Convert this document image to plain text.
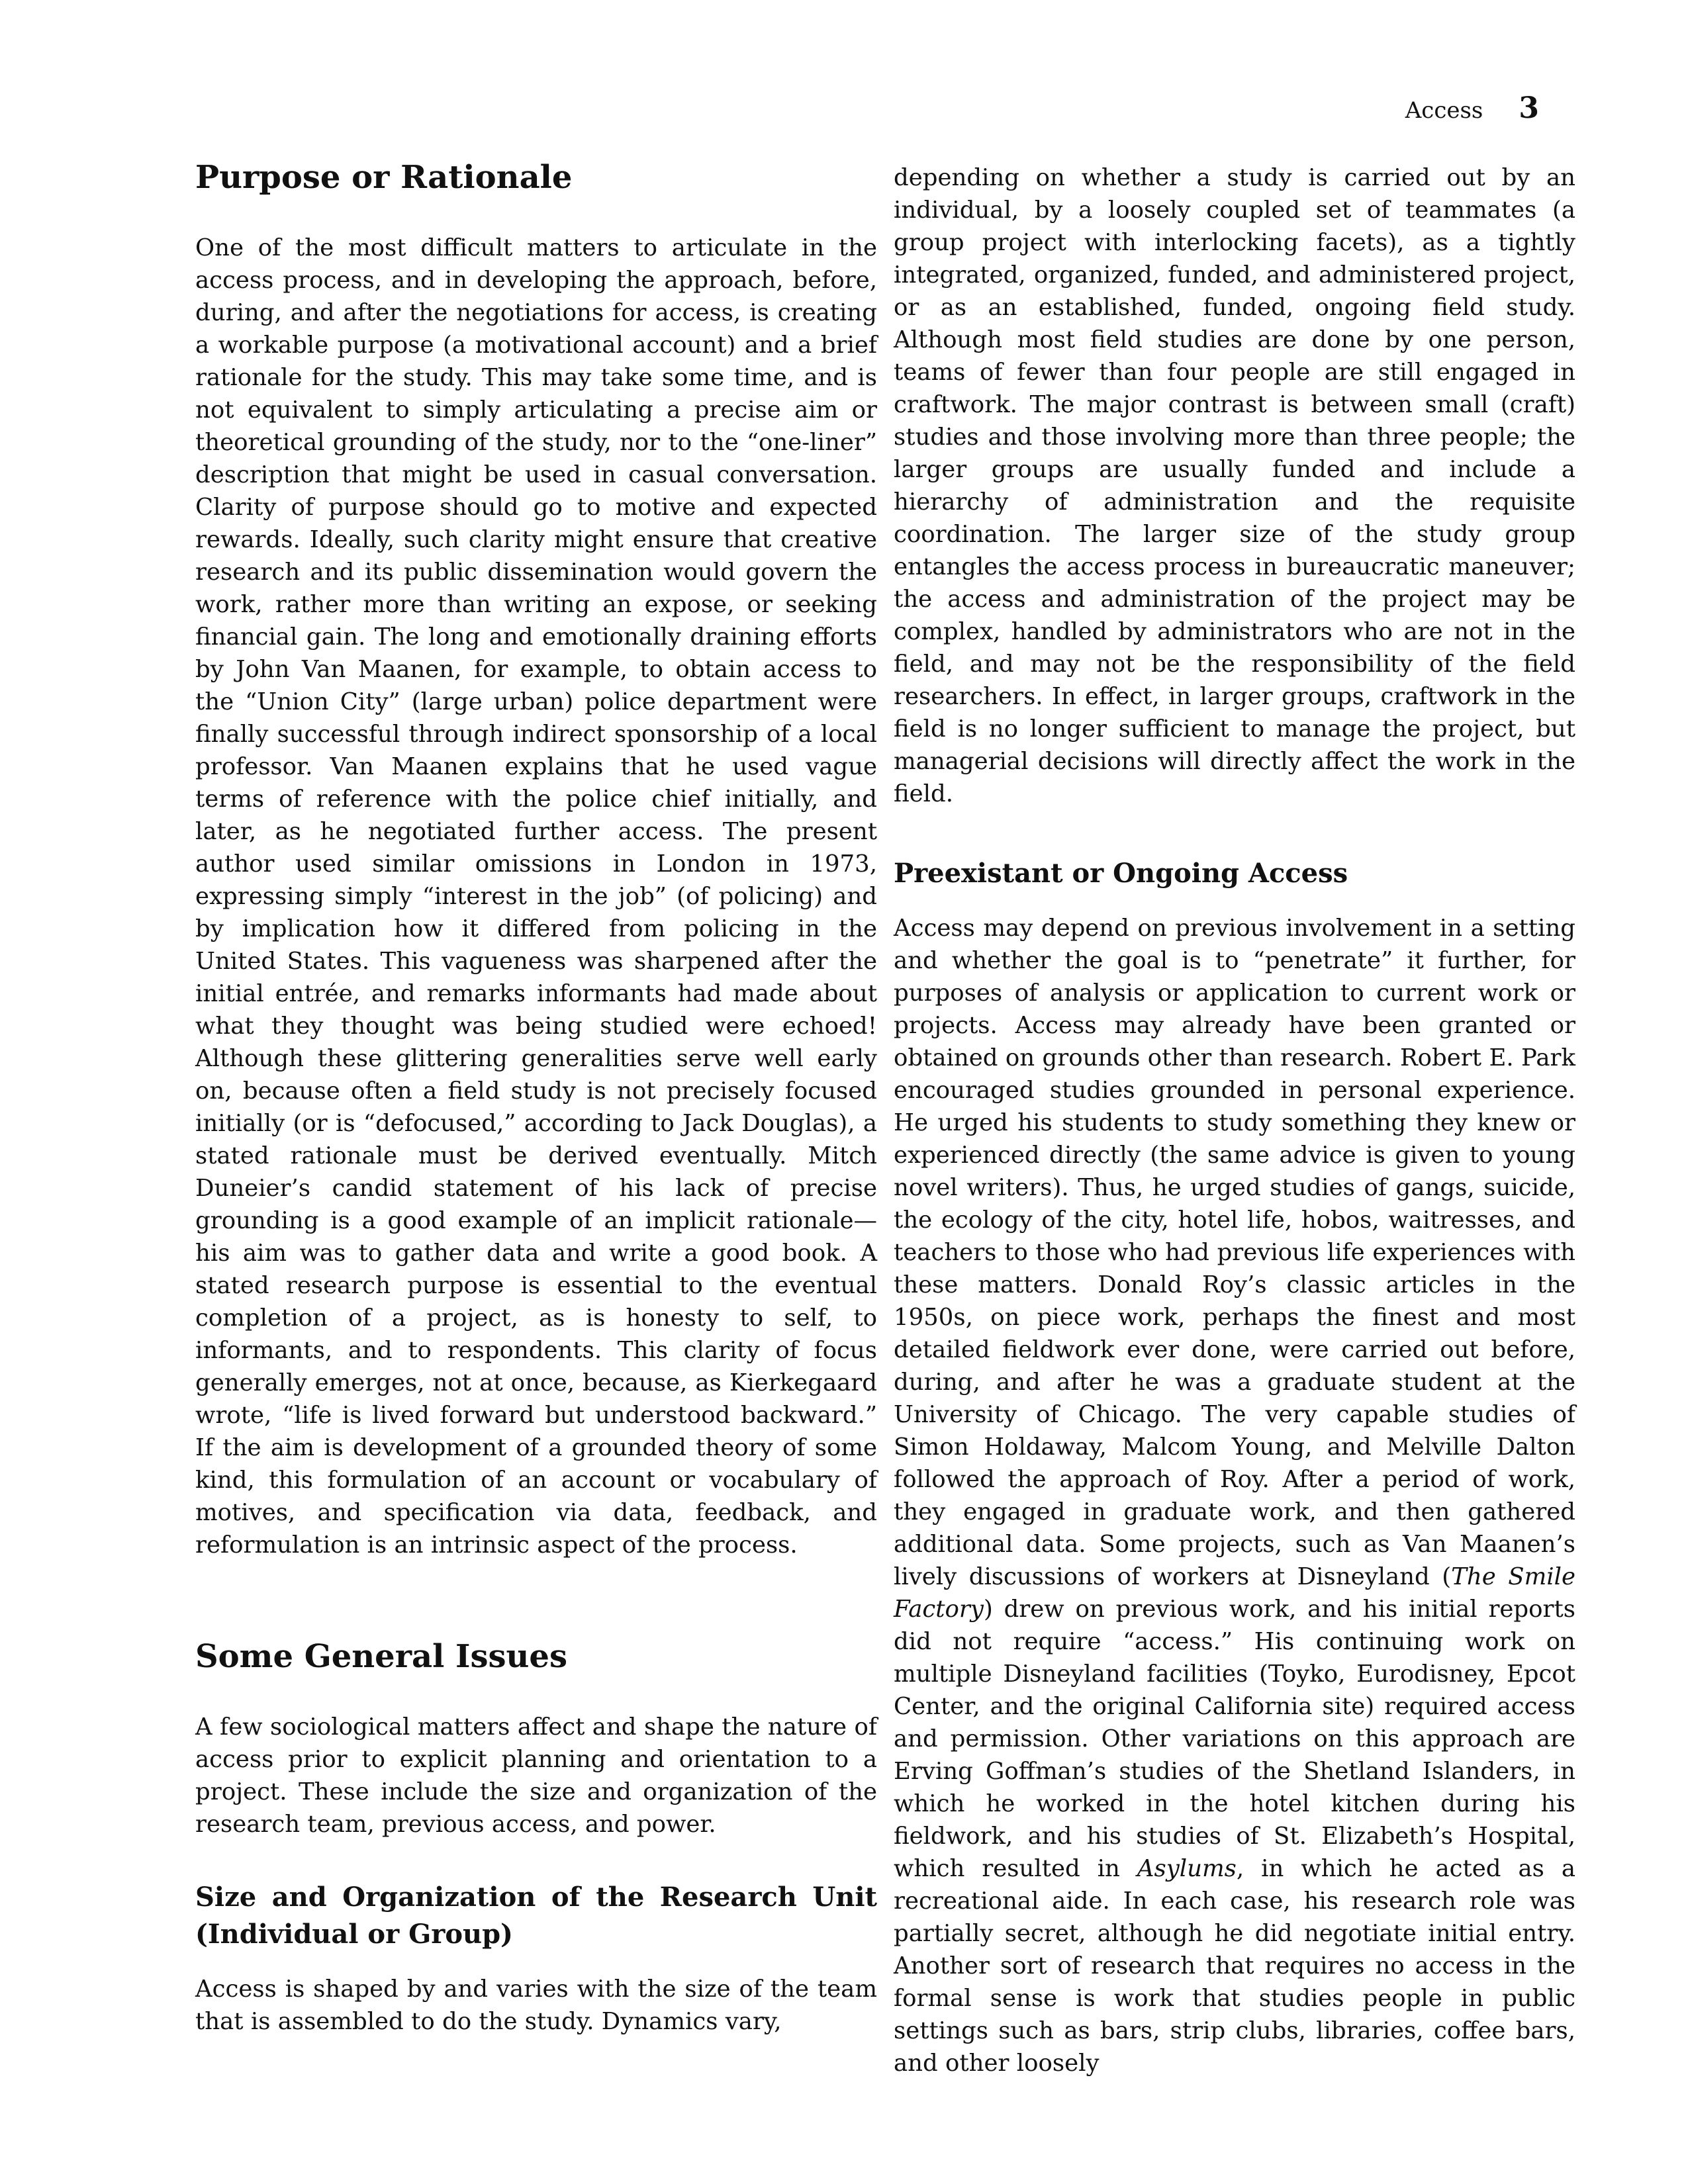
Access 3
Purpose or Rationale

One of the most difficult matters to articulate in the access process, and in developing the approach, before, during, and after the negotiations for access, is creating a workable purpose (a motivational account) and a brief rationale for the study. This may take some time, and is not equivalent to simply articulating a precise aim or theoretical grounding of the study, nor to the “one-liner” description that might be used in casual conversation. Clarity of purpose should go to motive and expected rewards. Ideally, such clarity might ensure that creative research and its public dissemination would govern the work, rather more than writing an expose, or seeking financial gain. The long and emotionally draining efforts by John Van Maanen, for example, to obtain access to the “Union City” (large urban) police department were finally successful through indirect sponsorship of a local professor. Van Maanen explains that he used vague terms of reference with the police chief initially, and later, as he negotiated further access. The present author used similar omissions in London in 1973, expressing simply “interest in the job” (of policing) and by implication how it differed from policing in the United States. This vagueness was sharpened after the initial entrée, and remarks informants had made about what they thought was being studied were echoed! Although these glittering generalities serve well early on, because often a field study is not precisely focused initially (or is “defocused,” according to Jack Douglas), a stated rationale must be derived eventually. Mitch Duneier’s candid statement of his lack of precise grounding is a good example of an implicit rationale—his aim was to gather data and write a good book. A stated research purpose is essential to the eventual completion of a project, as is honesty to self, to informants, and to respondents. This clarity of focus generally emerges, not at once, because, as Kierkegaard wrote, “life is lived forward but understood backward.” If the aim is development of a grounded theory of some kind, this formulation of an account or vocabulary of motives, and specification via data, feedback, and reformulation is an intrinsic aspect of the process.

Some General Issues

A few sociological matters affect and shape the nature of access prior to explicit planning and orientation to a project. These include the size and organization of the research team, previous access, and power.

Size and Organization of the Research Unit (Individual or Group)

Access is shaped by and varies with the size of the team that is assembled to do the study. Dynamics vary,

depending on whether a study is carried out by an individual, by a loosely coupled set of teammates (a group project with interlocking facets), as a tightly integrated, organized, funded, and administered project, or as an established, funded, ongoing field study. Although most field studies are done by one person, teams of fewer than four people are still engaged in craftwork. The major contrast is between small (craft) studies and those involving more than three people; the larger groups are usually funded and include a hierarchy of administration and the requisite coordination. The larger size of the study group entangles the access process in bureaucratic maneuver; the access and administration of the project may be complex, handled by administrators who are not in the field, and may not be the responsibility of the field researchers. In effect, in larger groups, craftwork in the field is no longer sufficient to manage the project, but managerial decisions will directly affect the work in the field.

Preexistant or Ongoing Access

Access may depend on previous involvement in a setting and whether the goal is to “penetrate” it further, for purposes of analysis or application to current work or projects. Access may already have been granted or obtained on grounds other than research. Robert E. Park encouraged studies grounded in personal experience. He urged his students to study something they knew or experienced directly (the same advice is given to young novel writers). Thus, he urged studies of gangs, suicide, the ecology of the city, hotel life, hobos, waitresses, and teachers to those who had previous life experiences with these matters. Donald Roy’s classic articles in the 1950s, on piece work, perhaps the finest and most detailed fieldwork ever done, were carried out before, during, and after he was a graduate student at the University of Chicago. The very capable studies of Simon Holdaway, Malcom Young, and Melville Dalton followed the approach of Roy. After a period of work, they engaged in graduate work, and then gathered additional data. Some projects, such as Van Maanen’s lively discussions of workers at Disneyland (The Smile Factory) drew on previous work, and his initial reports did not require “access.” His continuing work on multiple Disneyland facilities (Toyko, Eurodisney, Epcot Center, and the original California site) required access and permission. Other variations on this approach are Erving Goffman’s studies of the Shetland Islanders, in which he worked in the hotel kitchen during his fieldwork, and his studies of St. Elizabeth’s Hospital, which resulted in Asylums, in which he acted as a recreational aide. In each case, his research role was partially secret, although he did negotiate initial entry. Another sort of research that requires no access in the formal sense is work that studies people in public settings such as bars, strip clubs, libraries, coffee bars, and other loosely
